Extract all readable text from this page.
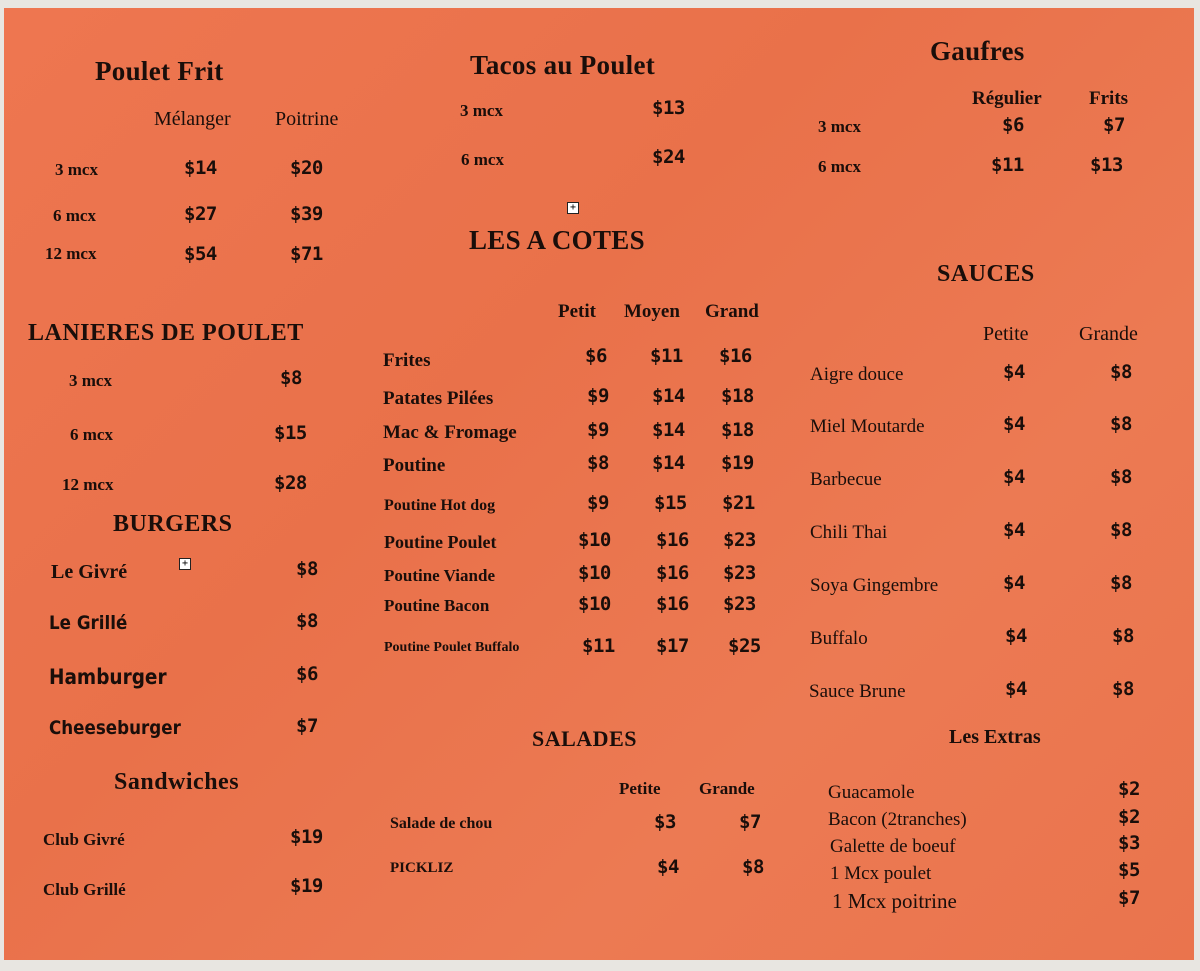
Poulet Frit
Mélanger Poitrine
3 mcx	$14	$20
6 mcx	$27	$39
12 mcx	$54	$71
Tacos au Poulet
3 mcx	$13
6 mcx	$24
+
Gaufres
Régulier Frits
3 mcx	$6	$7
6 mcx	$11	$13
LANIERES DE POULET
3 mcx	$8
6 mcx	$15
12 mcx	$28
BURGERS
Le Givré	+	$8
Le Grillé	$8
Hamburger	$6
Cheeseburger	$7
Sandwiches
Club Givré	$19
Club Grillé	$19
LES A COTES
Petit Moyen Grand
Frites	$6 $11 $16
Patates Pilées	$9 $14 $18
Mac & Fromage	$9 $14 $18
Poutine	$8 $14 $19
Poutine Hot dog	$9 $15 $21
Poutine Poulet	$10 $16 $23
Poutine Viande	$10 $16 $23
Poutine Bacon	$10 $16 $23
Poutine Poulet Buffalo	$11 $17 $25
SALADES
Petite Grande
Salade de chou	$3	$7
PICKLIZ	$4	$8
SAUCES
Petite	Grande
Aigre douce	$4	$8
Miel Moutarde	$4	$8
Barbecue	$4	$8
Chili Thai	$4	$8
Soya Gingembre	$4	$8
Buffalo	$4	$8
Sauce Brune	$4	$8
Les Extras
Guacamole	$2
Bacon (2tranches)	$2
Galette de boeuf	$3
1 Mcx poulet	$5
1 Mcx poitrine	$7
